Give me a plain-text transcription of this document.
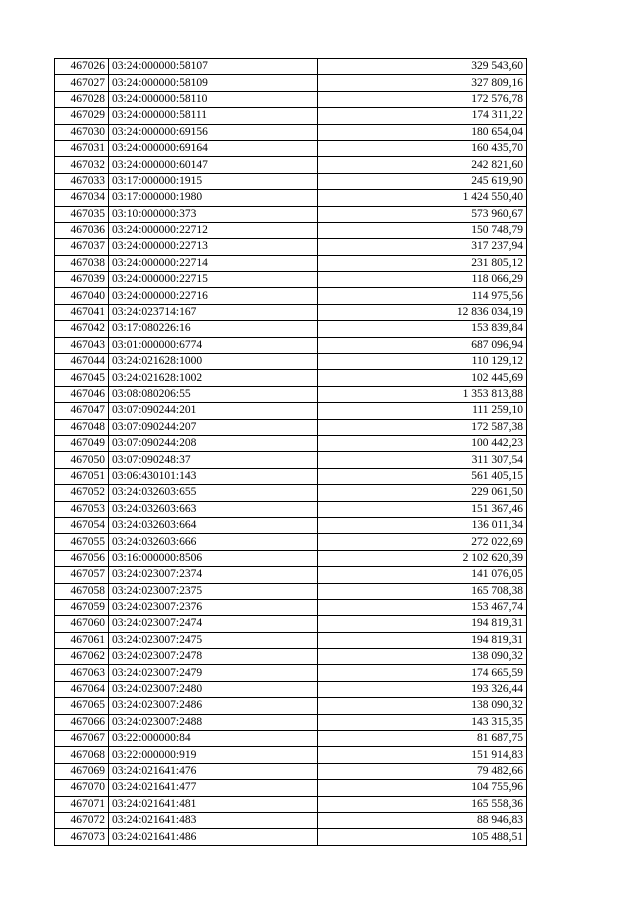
467026	03:24:000000:58107	329 543,60
467027	03:24:000000:58109	327 809,16
467028	03:24:000000:58110	172 576,78
467029	03:24:000000:58111	174 311,22
467030	03:24:000000:69156	180 654,04
467031	03:24:000000:69164	160 435,70
467032	03:24:000000:60147	242 821,60
467033	03:17:000000:1915	245 619,90
467034	03:17:000000:1980	1 424 550,40
467035	03:10:000000:373	573 960,67
467036	03:24:000000:22712	150 748,79
467037	03:24:000000:22713	317 237,94
467038	03:24:000000:22714	231 805,12
467039	03:24:000000:22715	118 066,29
467040	03:24:000000:22716	114 975,56
467041	03:24:023714:167	12 836 034,19
467042	03:17:080226:16	153 839,84
467043	03:01:000000:6774	687 096,94
467044	03:24:021628:1000	110 129,12
467045	03:24:021628:1002	102 445,69
467046	03:08:080206:55	1 353 813,88
467047	03:07:090244:201	111 259,10
467048	03:07:090244:207	172 587,38
467049	03:07:090244:208	100 442,23
467050	03:07:090248:37	311 307,54
467051	03:06:430101:143	561 405,15
467052	03:24:032603:655	229 061,50
467053	03:24:032603:663	151 367,46
467054	03:24:032603:664	136 011,34
467055	03:24:032603:666	272 022,69
467056	03:16:000000:8506	2 102 620,39
467057	03:24:023007:2374	141 076,05
467058	03:24:023007:2375	165 708,38
467059	03:24:023007:2376	153 467,74
467060	03:24:023007:2474	194 819,31
467061	03:24:023007:2475	194 819,31
467062	03:24:023007:2478	138 090,32
467063	03:24:023007:2479	174 665,59
467064	03:24:023007:2480	193 326,44
467065	03:24:023007:2486	138 090,32
467066	03:24:023007:2488	143 315,35
467067	03:22:000000:84	81 687,75
467068	03:22:000000:919	151 914,83
467069	03:24:021641:476	79 482,66
467070	03:24:021641:477	104 755,96
467071	03:24:021641:481	165 558,36
467072	03:24:021641:483	88 946,83
467073	03:24:021641:486	105 488,51
